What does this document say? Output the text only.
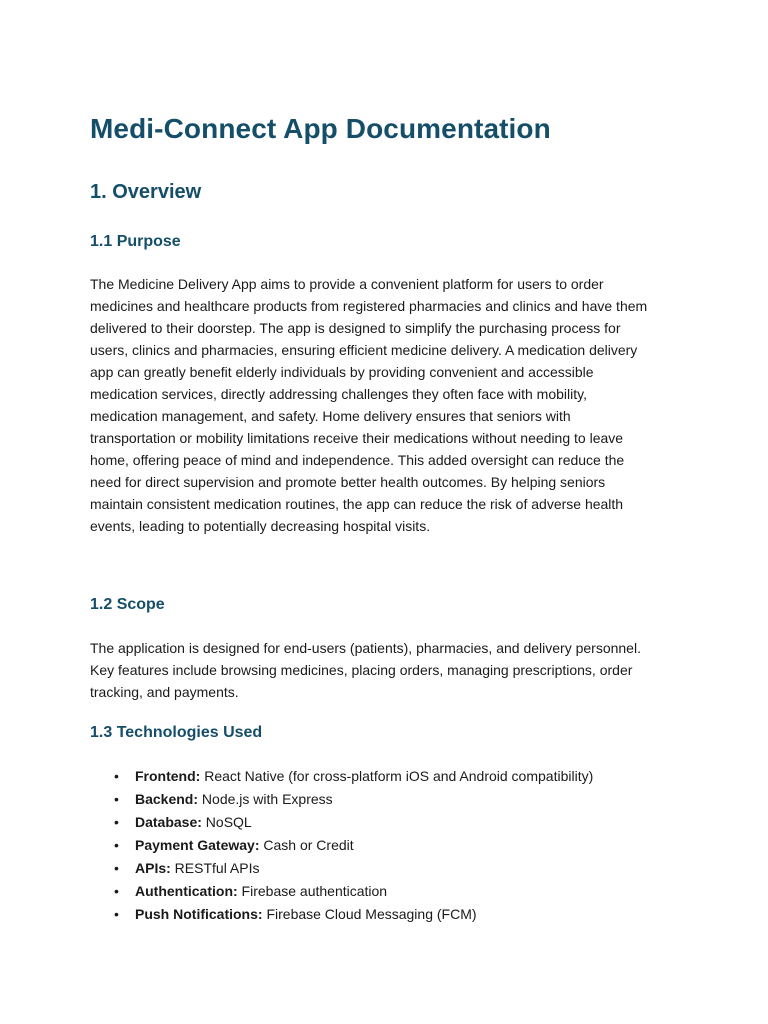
Medi-Connect App Documentation
1. Overview
1.1 Purpose

The Medicine Delivery App aims to provide a convenient platform for users to order
medicines and healthcare products from registered pharmacies and clinics and have them
delivered to their doorstep. The app is designed to simplify the purchasing process for
users, clinics and pharmacies, ensuring efficient medicine delivery. A medication delivery
app can greatly benefit elderly individuals by providing convenient and accessible
medication services, directly addressing challenges they often face with mobility,
medication management, and safety. Home delivery ensures that seniors with
transportation or mobility limitations receive their medications without needing to leave
home, offering peace of mind and independence. This added oversight can reduce the
need for direct supervision and promote better health outcomes. By helping seniors
maintain consistent medication routines, the app can reduce the risk of adverse health
events, leading to potentially decreasing hospital visits.

1.2 Scope

The application is designed for end-users (patients), pharmacies, and delivery personnel.
Key features include browsing medicines, placing orders, managing prescriptions, order
tracking, and payments.

1.3 Technologies Used
• Frontend: React Native (for cross-platform iOS and Android compatibility)
• Backend: Node.js with Express
• Database: NoSQL
• Payment Gateway: Cash or Credit
• APIs: RESTful APIs
• Authentication: Firebase authentication
• Push Notifications: Firebase Cloud Messaging (FCM)
